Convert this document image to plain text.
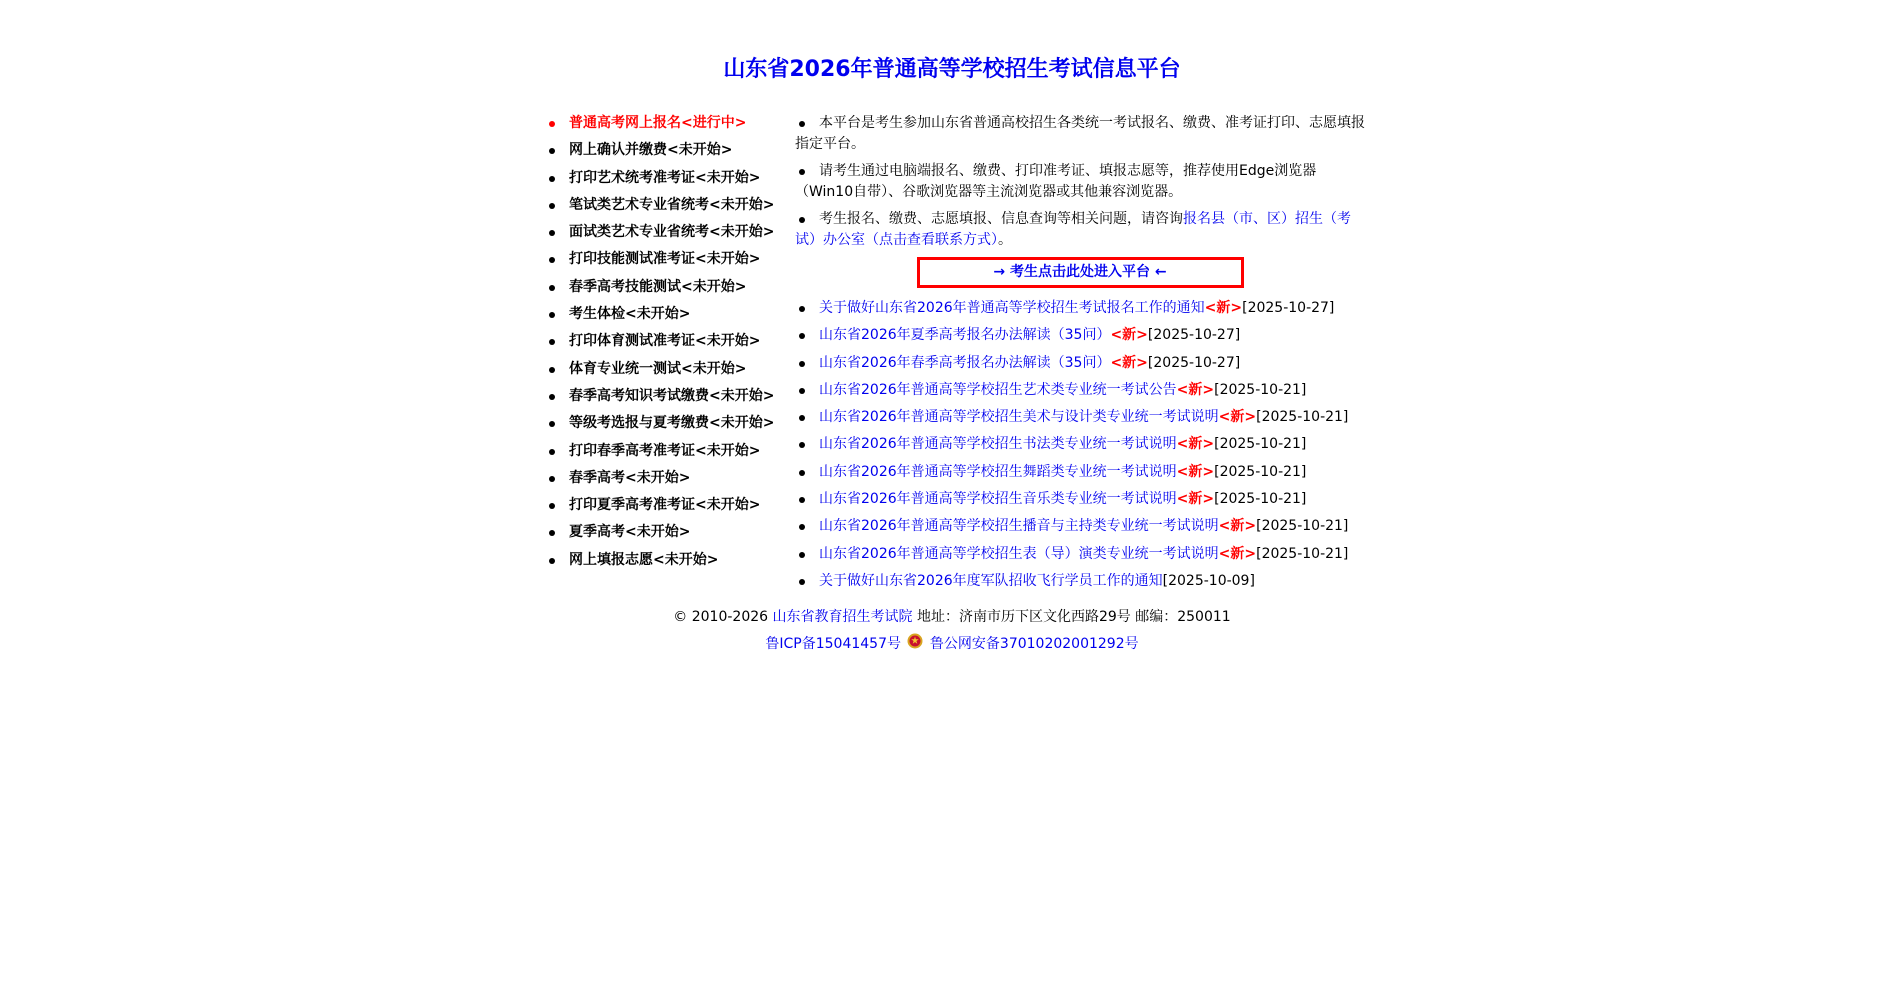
山东省2026年普通高等学校招生考试信息平台
普通高考网上报名<进行中>
网上确认并缴费<未开始>
打印艺术统考准考证<未开始>
笔试类艺术专业省统考<未开始>
面试类艺术专业省统考<未开始>
打印技能测试准考证<未开始>
春季高考技能测试<未开始>
考生体检<未开始>
打印体育测试准考证<未开始>
体育专业统一测试<未开始>
春季高考知识考试缴费<未开始>
等级考选报与夏考缴费<未开始>
打印春季高考准考证<未开始>
春季高考<未开始>
打印夏季高考准考证<未开始>
夏季高考<未开始>
网上填报志愿<未开始>
本平台是考生参加山东省普通高校招生各类统一考试报名、缴费、准考证打印、志愿填报指定平台。
请考生通过电脑端报名、缴费、打印准考证、填报志愿等，推荐使用Edge浏览器（Win10自带）、谷歌浏览器等主流浏览器或其他兼容浏览器。
考生报名、缴费、志愿填报、信息查询等相关问题，请咨询报名县（市、区）招生（考试）办公室（点击查看联系方式）。
→ 考生点击此处进入平台 ←
关于做好山东省2026年普通高等学校招生考试报名工作的通知<新>[2025-10-27]
山东省2026年夏季高考报名办法解读（35问）<新>[2025-10-27]
山东省2026年春季高考报名办法解读（35问）<新>[2025-10-27]
山东省2026年普通高等学校招生艺术类专业统一考试公告<新>[2025-10-21]
山东省2026年普通高等学校招生美术与设计类专业统一考试说明<新>[2025-10-21]
山东省2026年普通高等学校招生书法类专业统一考试说明<新>[2025-10-21]
山东省2026年普通高等学校招生舞蹈类专业统一考试说明<新>[2025-10-21]
山东省2026年普通高等学校招生音乐类专业统一考试说明<新>[2025-10-21]
山东省2026年普通高等学校招生播音与主持类专业统一考试说明<新>[2025-10-21]
山东省2026年普通高等学校招生表（导）演类专业统一考试说明<新>[2025-10-21]
关于做好山东省2026年度军队招收飞行学员工作的通知[2025-10-09]
© 2010-2026 山东省教育招生考试院 地址：济南市历下区文化西路29号 邮编：250011
鲁ICP备15041457号 鲁公网安备37010202001292号
